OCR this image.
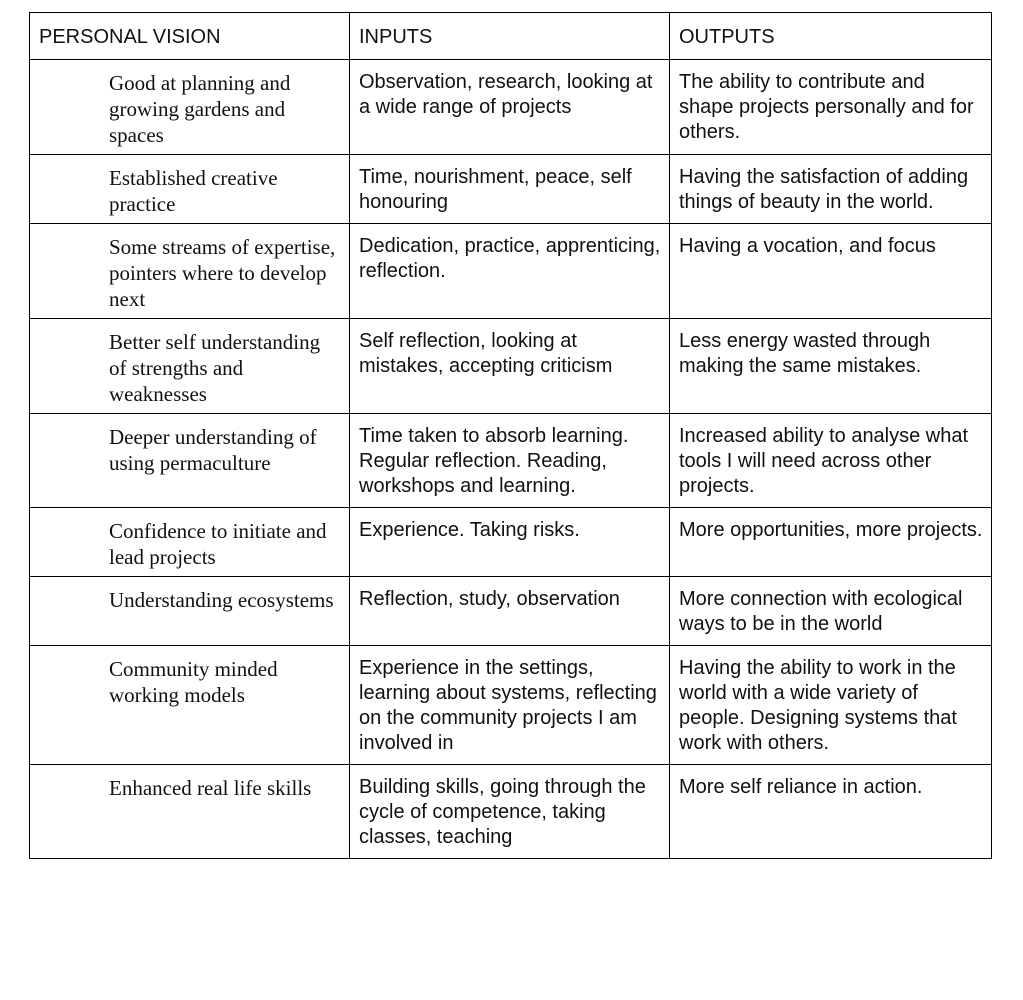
PERSONAL VISION	INPUTS	OUTPUTS
Good at planning and growing gardens and spaces	Observation, research, looking at a wide range of projects	The ability to contribute and shape projects personally and for others.
Established creative practice	Time, nourishment, peace, self honouring	Having the satisfaction of adding things of beauty in the world.
Some streams of expertise, pointers where to develop next	Dedication, practice, apprenticing, reflection.	Having a vocation, and focus
Better self understanding of strengths and weaknesses	Self reflection, looking at mistakes, accepting criticism	Less energy wasted through making the same mistakes.
Deeper understanding of using permaculture	Time taken to absorb learning. Regular reflection. Reading, workshops and learning.	Increased ability to analyse what tools I will need across other projects.
Confidence to initiate and lead projects	Experience. Taking risks.	More opportunities, more projects.
Understanding ecosystems	Reflection, study, observation	More connection with ecological ways to be in the world
Community minded working models	Experience in the settings, learning about systems, reflecting on the community projects I am involved in	Having the ability to work in the world with a wide variety of people. Designing systems that work with others.
Enhanced real life skills	Building skills, going through the cycle of competence, taking classes, teaching	More self reliance in action.
